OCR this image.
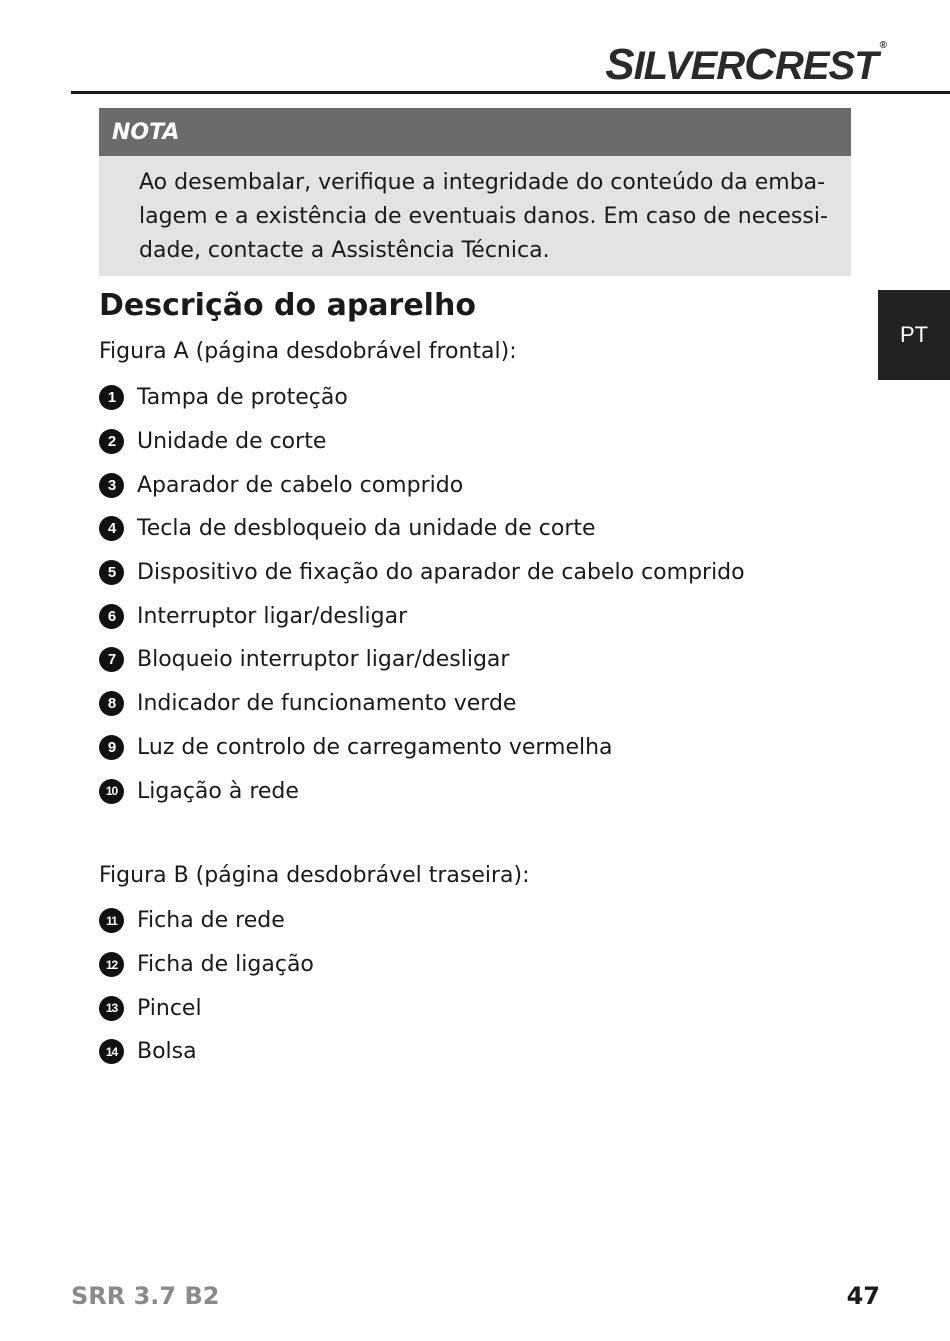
SILVERCREST ®
PT
NOTA
Ao desembalar, verifique a integridade do conteúdo da emba-
lagem e a existência de eventuais danos. Em caso de necessi-
dade, contacte a Assistência Técnica.
Descrição do aparelho
Figura A (página desdobrável frontal):
1 Tampa de proteção
2 Unidade de corte
3 Aparador de cabelo comprido
4 Tecla de desbloqueio da unidade de corte
5 Dispositivo de fixação do aparador de cabelo comprido
6 Interruptor ligar/desligar
7 Bloqueio interruptor ligar/desligar
8 Indicador de funcionamento verde
9 Luz de controlo de carregamento vermelha
10 Ligação à rede
Figura B (página desdobrável traseira):
11 Ficha de rede
12 Ficha de ligação
13 Pincel
14 Bolsa
SRR 3.7 B2	47
